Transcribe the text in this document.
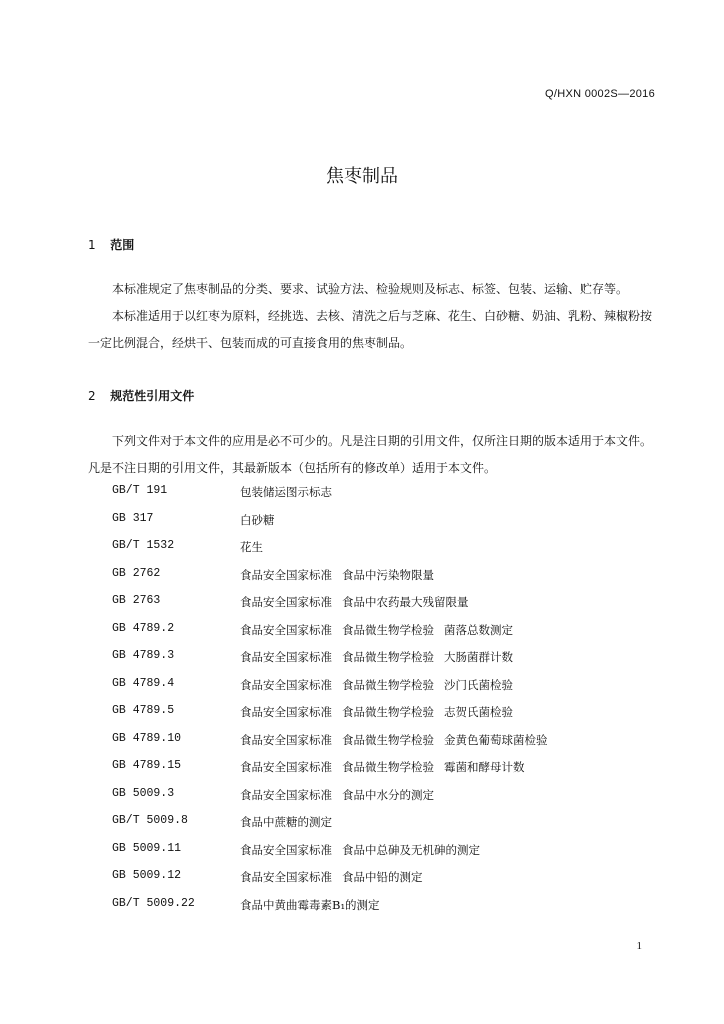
Q/HXN 0002S—2016
焦枣制品
1 范围
本标准规定了焦枣制品的分类、要求、试验方法、检验规则及标志、标签、包装、运输、贮存等。
本标准适用于以红枣为原料，经挑选、去核、清洗之后与芝麻、花生、白砂糖、奶油、乳粉、辣椒粉按一定比例混合，经烘干、包装而成的可直接食用的焦枣制品。
2 规范性引用文件
下列文件对于本文件的应用是必不可少的。凡是注日期的引用文件，仅所注日期的版本适用于本文件。凡是不注日期的引用文件，其最新版本（包括所有的修改单）适用于本文件。
GB/T 191	包装储运图示标志
GB 317	白砂糖
GB/T 1532	花生
GB 2762	食品安全国家标准 食品中污染物限量
GB 2763	食品安全国家标准 食品中农药最大残留限量
GB 4789.2	食品安全国家标准 食品微生物学检验 菌落总数测定
GB 4789.3	食品安全国家标准 食品微生物学检验 大肠菌群计数
GB 4789.4	食品安全国家标准 食品微生物学检验 沙门氏菌检验
GB 4789.5	食品安全国家标准 食品微生物学检验 志贺氏菌检验
GB 4789.10	食品安全国家标准 食品微生物学检验 金黄色葡萄球菌检验
GB 4789.15	食品安全国家标准 食品微生物学检验 霉菌和酵母计数
GB 5009.3	食品安全国家标准 食品中水分的测定
GB/T 5009.8	食品中蔗糖的测定
GB 5009.11	食品安全国家标准 食品中总砷及无机砷的测定
GB 5009.12	食品安全国家标准 食品中铅的测定
GB/T 5009.22	食品中黄曲霉毒素B₁的测定
1
